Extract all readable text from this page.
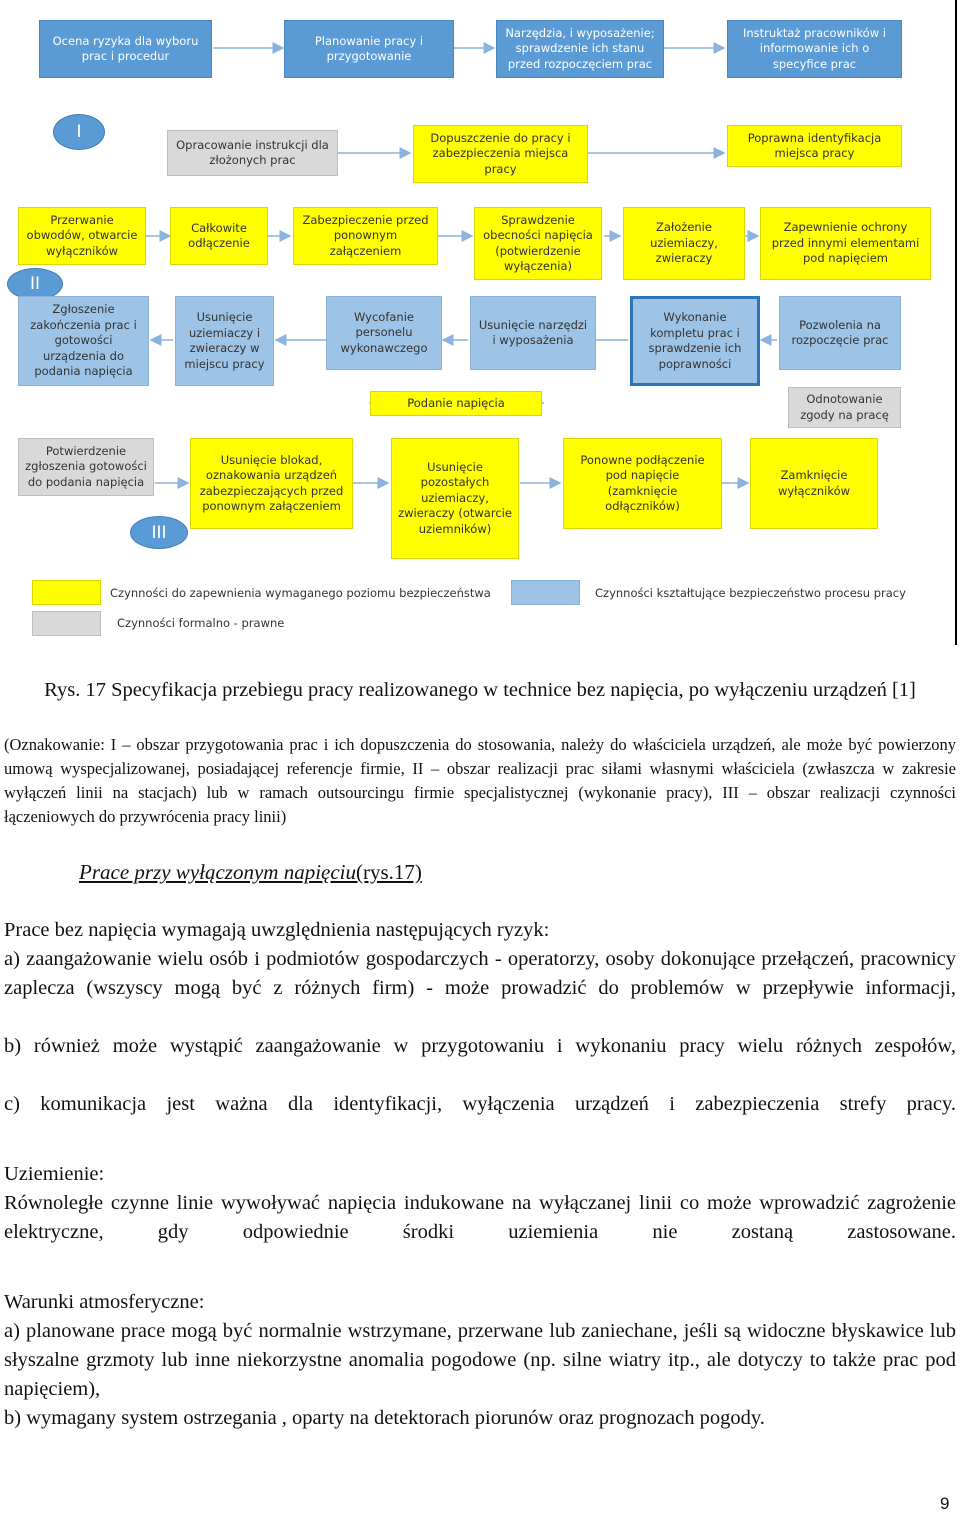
Ocena ryzyka dla wyboru prac i procedur
Planowanie pracy i przygotowanie
Narzędzia, i wyposażenie; sprawdzenie ich stanu przed rozpoczęciem prac
Instruktaż pracowników i informowanie ich o specyfice prac
I
Opracowanie instrukcji dla złożonych prac
Dopuszczenie do pracy i zabezpieczenia miejsca pracy
Poprawna identyfikacja miejsca pracy
Przerwanie obwodów, otwarcie wyłączników
Całkowite odłączenie
Zabezpieczenie przed ponownym załączeniem
Sprawdzenie obecności napięcia (potwierdzenie wyłączenia)
Założenie uziemiaczy, zwieraczy
Zapewnienie ochrony przed innymi elementami pod napięciem
II
Zgłoszenie zakończenia prac i gotowości urządzenia do podania napięcia
Usunięcie uziemiaczy i zwieraczy w miejscu pracy
Wycofanie personelu wykonawczego
Usunięcie narzędzi i wyposażenia
Wykonanie kompletu prac i sprawdzenie ich poprawności
Pozwolenia na rozpoczęcie prac
Podanie napięcia	Odnotowanie zgody na pracę
Potwierdzenie zgłoszenia gotowości do podania napięcia
Usunięcie blokad, oznakowania urządzeń zabezpieczających przed ponownym załączeniem
Usunięcie pozostałych uziemiaczy, zwieraczy (otwarcie uziemników)
Ponowne podłączenie pod napięcie (zamknięcie odłączników)
Zamknięcie wyłączników
III
Czynności do zapewnienia wymaganego poziomu bezpieczeństwa	Czynności kształtujące bezpieczeństwo procesu pracy
Czynności formalno - prawne
Rys. 17 Specyfikacja przebiegu pracy realizowanego w technice bez napięcia, po wyłączeniu urządzeń [1]
(Oznakowanie: I – obszar przygotowania prac i ich dopuszczenia do stosowania, należy do właściciela urządzeń, ale może być powierzony umową wyspecjalizowanej, posiadającej referencje firmie, II – obszar realizacji prac siłami własnymi właściciela (zwłaszcza w zakresie wyłączeń linii na stacjach) lub w ramach outsourcingu firmie specjalistycznej (wykonanie pracy), III – obszar realizacji czynności łączeniowych do przywrócenia pracy linii)
Prace przy wyłączonym napięciu(rys.17)
Prace bez napięcia wymagają uwzględnienia następujących ryzyk:
a) zaangażowanie wielu osób i podmiotów gospodarczych - operatorzy, osoby dokonujące przełączeń, pracownicy zaplecza (wszyscy mogą być z różnych firm) - może prowadzić do problemów w przepływie informacji,
b) również może wystąpić zaangażowanie w przygotowaniu i wykonaniu pracy wielu różnych zespołów,
c) komunikacja jest ważna dla identyfikacji, wyłączenia urządzeń i zabezpieczenia strefy pracy.
Uziemienie:
Równoległe czynne linie wywoływać napięcia indukowane na wyłączanej linii co może wprowadzić zagrożenie elektryczne, gdy odpowiednie środki uziemienia nie zostaną zastosowane.
Warunki atmosferyczne:
a) planowane prace mogą być normalnie wstrzymane, przerwane lub zaniechane, jeśli są widoczne błyskawice lub słyszalne grzmoty lub inne niekorzystne anomalia pogodowe (np. silne wiatry itp., ale dotyczy to także prac pod napięciem),
b) wymagany system ostrzegania , oparty na detektorach piorunów oraz prognozach pogody.
9
